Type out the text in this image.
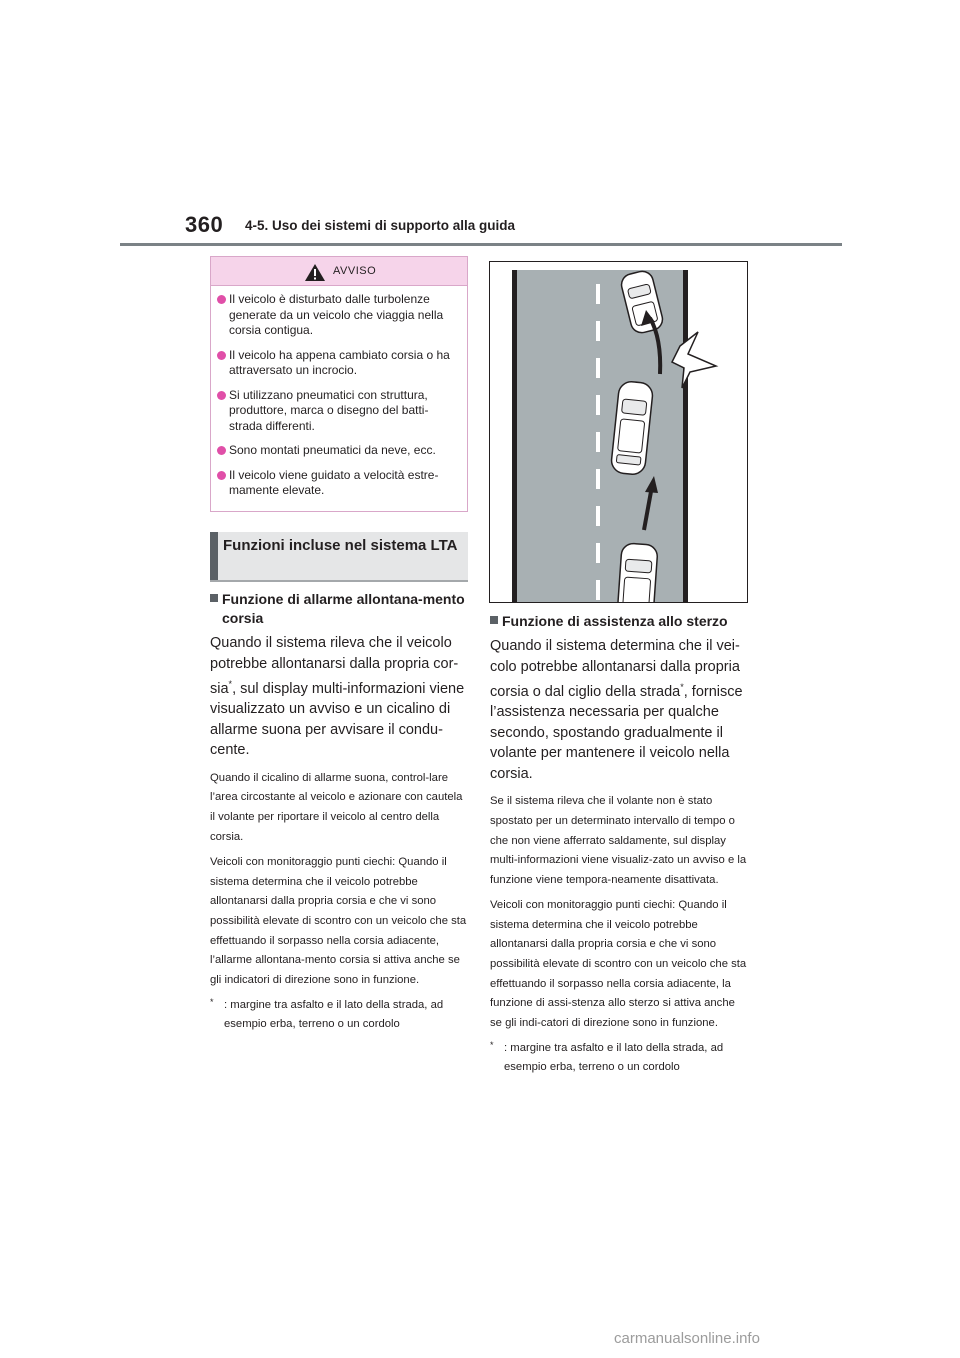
360 4-5. Uso dei sistemi di supporto alla guida
AVVISO
Il veicolo è disturbato dalle turbolenze generate da un veicolo che viaggia nella corsia contigua.
Il veicolo ha appena cambiato corsia o ha attraversato un incrocio.
Si utilizzano pneumatici con struttura, produttore, marca o disegno del batti-strada differenti.
Sono montati pneumatici da neve, ecc.
Il veicolo viene guidato a velocità estre-mamente elevate.
Funzioni incluse nel sistema LTA
Funzione di allarme allontana-mento corsia

Quando il sistema rileva che il veicolo potrebbe allontanarsi dalla propria cor-sia*, sul display multi-informazioni viene visualizzato un avviso e un cicalino di allarme suona per avvisare il condu-cente.

Quando il cicalino di allarme suona, control-lare l’area circostante al veicolo e azionare con cautela il volante per riportare il veicolo al centro della corsia.

Veicoli con monitoraggio punti ciechi: Quando il sistema determina che il veicolo potrebbe allontanarsi dalla propria corsia e che vi sono possibilità elevate di scontro con un veicolo che sta effettuando il sorpasso nella corsia adiacente, l’allarme allontana-mento corsia si attiva anche se gli indicatori di direzione sono in funzione.

* : margine tra asfalto e il lato della strada, ad esempio erba, terreno o un cordolo

Funzione di assistenza allo sterzo

Quando il sistema determina che il vei-colo potrebbe allontanarsi dalla propria corsia o dal ciglio della strada*, fornisce l’assistenza necessaria per qualche secondo, spostando gradualmente il volante per mantenere il veicolo nella corsia.

Se il sistema rileva che il volante non è stato spostato per un determinato intervallo di tempo o che non viene afferrato saldamente, sul display multi-informazioni viene visualiz-zato un avviso e la funzione viene tempora-neamente disattivata.

Veicoli con monitoraggio punti ciechi: Quando il sistema determina che il veicolo potrebbe allontanarsi dalla propria corsia e che vi sono possibilità elevate di scontro con un veicolo che sta effettuando il sorpasso nella corsia adiacente, la funzione di assi-stenza allo sterzo si attiva anche se gli indi-catori di direzione sono in funzione.

* : margine tra asfalto e il lato della strada, ad esempio erba, terreno o un cordolo

carmanualsonline.info
